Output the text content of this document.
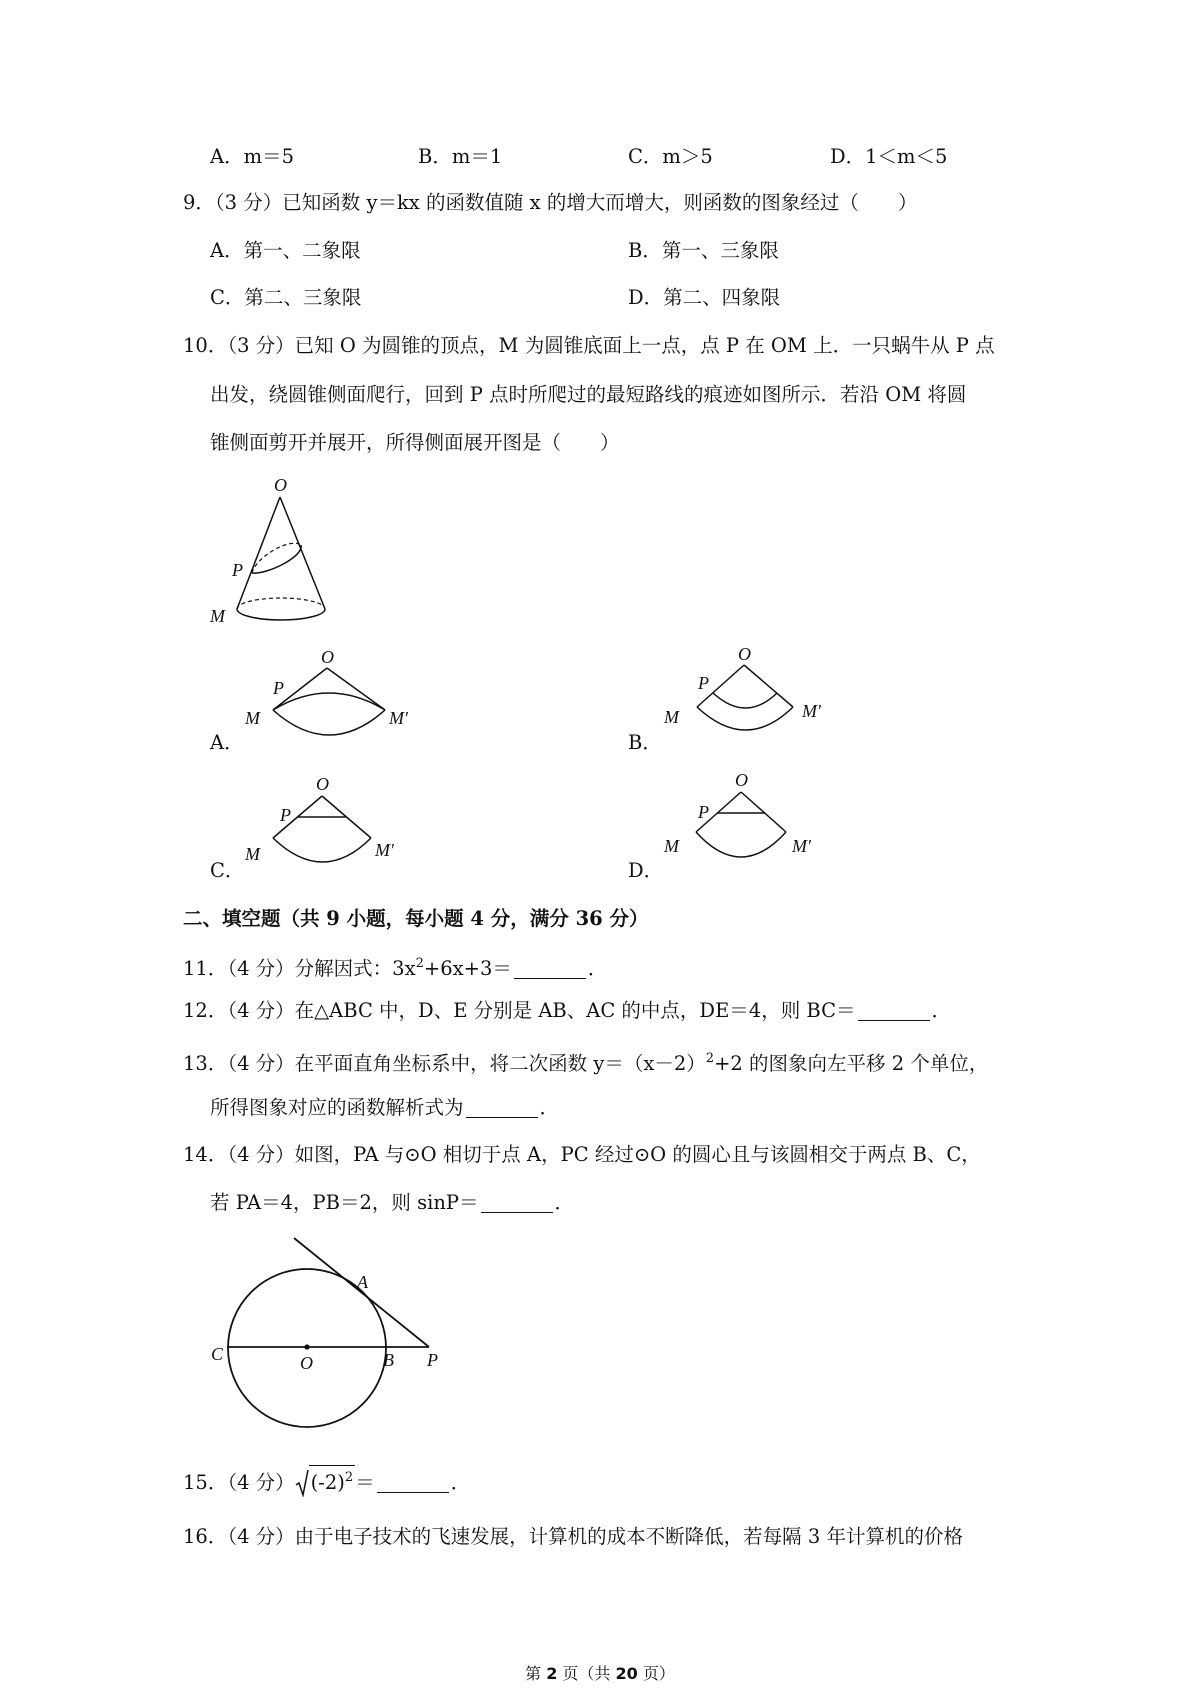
A．m＝5	B．m＝1	C．m＞5	D．1＜m＜5
9．（3 分）已知函数 y＝kx 的函数值随 x 的增大而增大，则函数的图象经过（　　）
A．第一、二象限	B．第一、三象限
C．第二、三象限	D．第二、四象限
10．（3 分）已知 O 为圆锥的顶点，M 为圆锥底面上一点，点 P 在 OM 上．一只蜗牛从 P 点
出发，绕圆锥侧面爬行，回到 P 点时所爬过的最短路线的痕迹如图所示．若沿 OM 将圆
锥侧面剪开并展开，所得侧面展开图是（　　）
O
P
M
A．
O
P
M	M′
B．
O
P
M	M′
C．
O
P
M	M′
D．
O
P
M	M′
二、填空题（共 9 小题，每小题 4 分，满分 36 分）
11．（4 分）分解因式：$3x^2+6x+3=$	．
12．（4 分）在△ABC 中，D、E 分别是 AB、AC 的中点，DE＝4，则 BC＝	．
13．（4 分）在平面直角坐标系中，将二次函数 $y=(x-2)^2+2$ 的图象向左平移 2 个单位，
所得图象对应的函数解析式为	．
14．（4 分）如图，PA 与⊙O 相切于点 A，PC 经过⊙O 的圆心且与该圆相交于两点 B、C，
若 PA＝4，PB＝2，则 sinP＝	．
A
C	O	B P
15．（4 分） $(-2)^2$ ＝	．
16．（4 分）由于电子技术的飞速发展，计算机的成本不断降低，若每隔 3 年计算机的价格
第 2 页（共 20 页）
